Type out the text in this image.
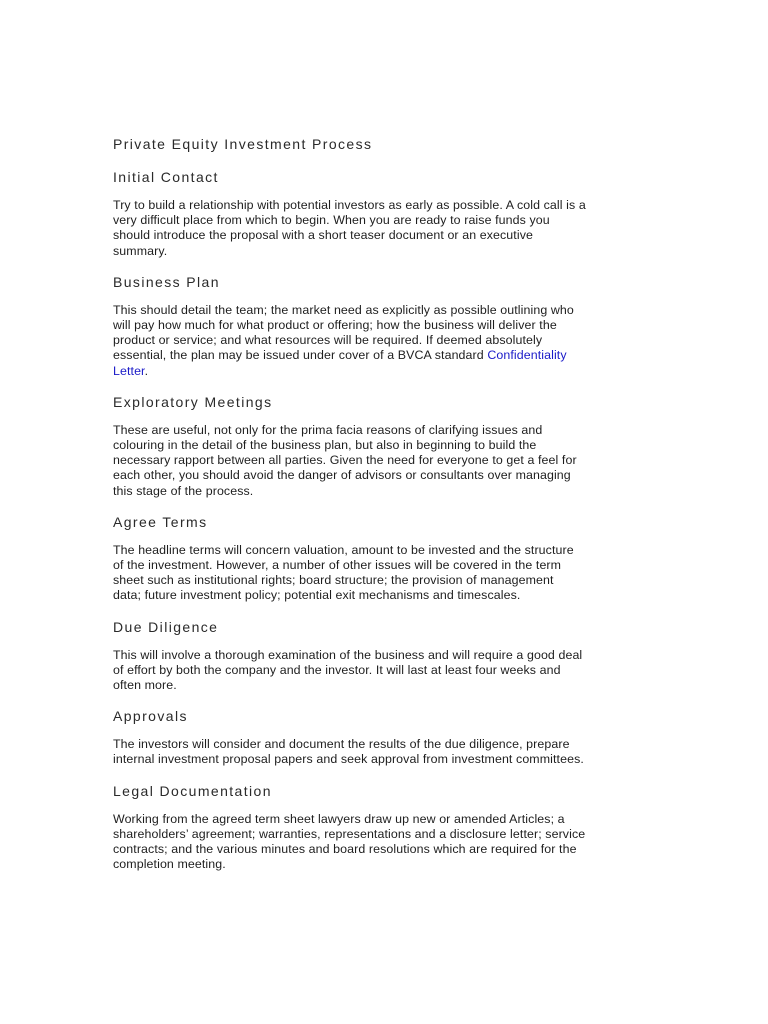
Private Equity Investment Process
Initial Contact

Try to build a relationship with potential investors as early as possible. A cold call is a
very difficult place from which to begin. When you are ready to raise funds you
should introduce the proposal with a short teaser document or an executive
summary.

Business Plan

This should detail the team; the market need as explicitly as possible outlining who
will pay how much for what product or offering; how the business will deliver the
product or service; and what resources will be required. If deemed absolutely
essential, the plan may be issued under cover of a BVCA standard Confidentiality
Letter.

Exploratory Meetings

These are useful, not only for the prima facia reasons of clarifying issues and
colouring in the detail of the business plan, but also in beginning to build the
necessary rapport between all parties. Given the need for everyone to get a feel for
each other, you should avoid the danger of advisors or consultants over managing
this stage of the process.

Agree Terms

The headline terms will concern valuation, amount to be invested and the structure
of the investment. However, a number of other issues will be covered in the term
sheet such as institutional rights; board structure; the provision of management
data; future investment policy; potential exit mechanisms and timescales.

Due Diligence

This will involve a thorough examination of the business and will require a good deal
of effort by both the company and the investor. It will last at least four weeks and
often more.

Approvals

The investors will consider and document the results of the due diligence, prepare
internal investment proposal papers and seek approval from investment committees.

Legal Documentation

Working from the agreed term sheet lawyers draw up new or amended Articles; a
shareholders’ agreement; warranties, representations and a disclosure letter; service
contracts; and the various minutes and board resolutions which are required for the
completion meeting.
